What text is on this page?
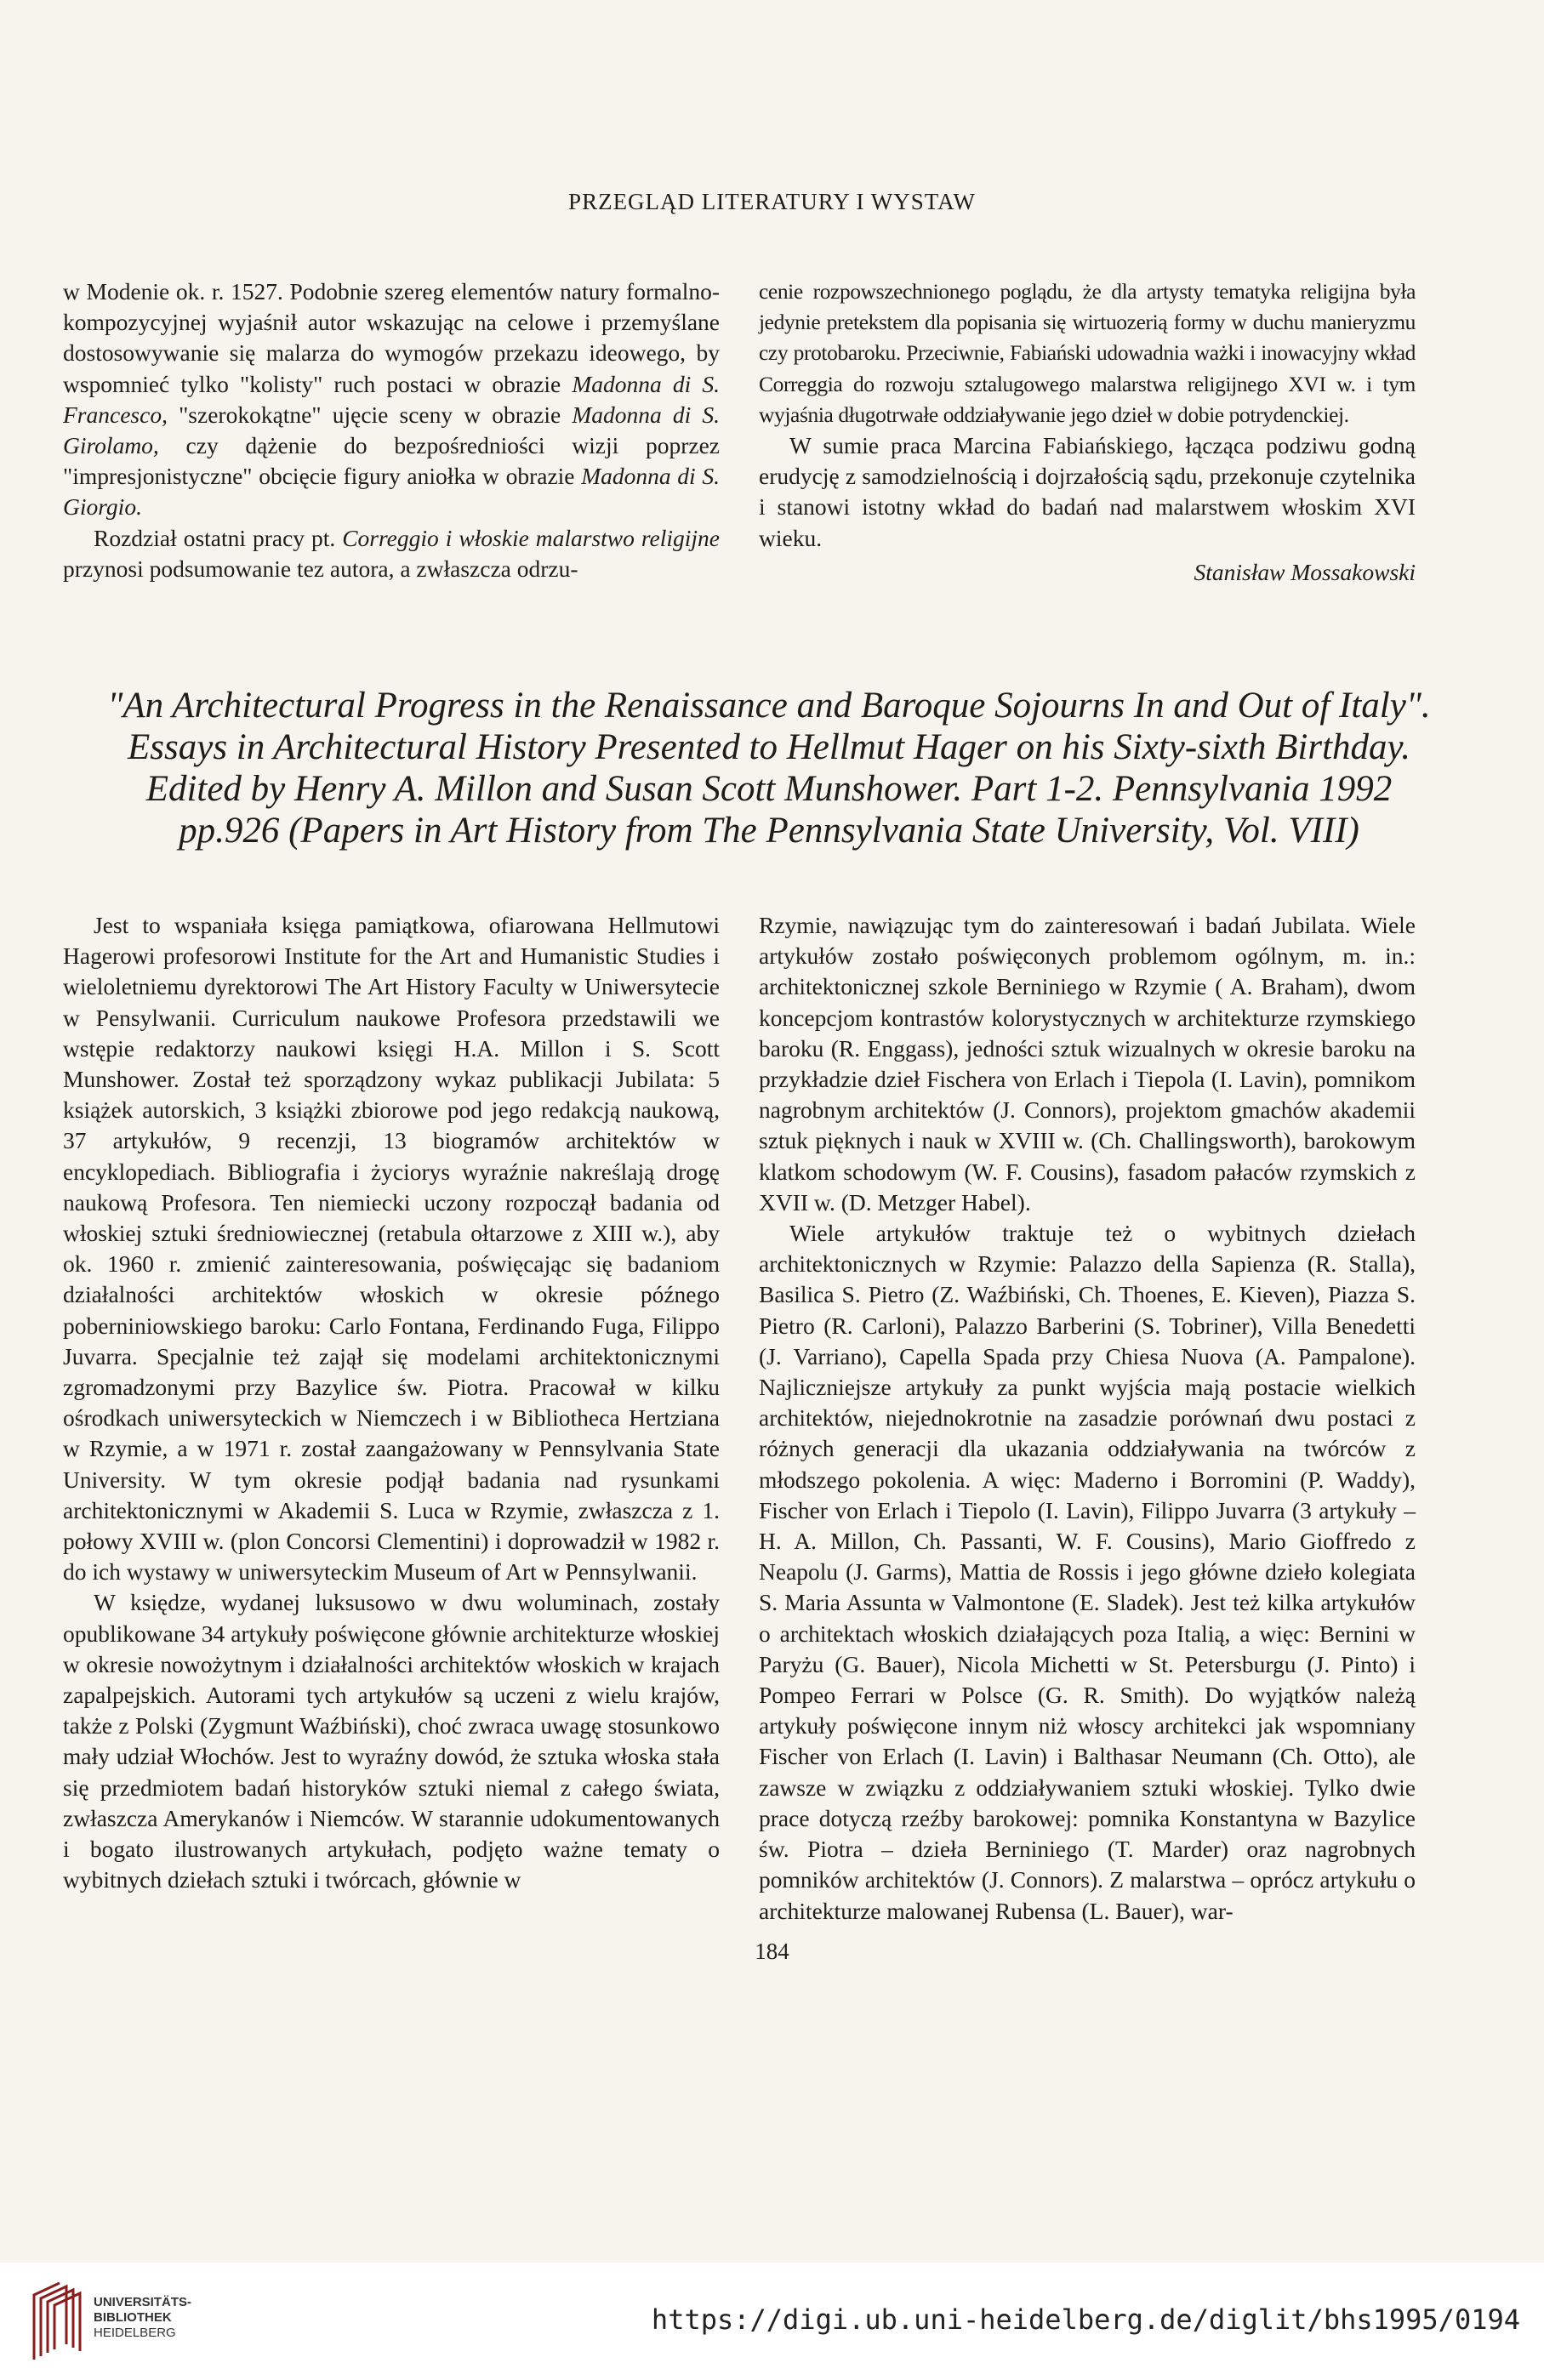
PRZEGLĄD LITERATURY I WYSTAW

w Modenie ok. r. 1527. Podobnie szereg elementów natury formalno-kompozycyjnej wyjaśnił autor wskazując na celowe i przemyślane dostosowywanie się malarza do wymogów przekazu ideowego, by wspomnieć tylko "kolisty" ruch postaci w obrazie Madonna di S. Francesco, "szerokokątne" ujęcie sceny w obrazie Madonna di S. Girolamo, czy dążenie do bezpośredniości wizji poprzez "impresjonistyczne" obcięcie figury aniołka w obrazie Madonna di S. Giorgio.

Rozdział ostatni pracy pt. Correggio i włoskie malarstwo religijne przynosi podsumowanie tez autora, a zwłaszcza odrzu-

cenie rozpowszechnionego poglądu, że dla artysty tematyka religijna była jedynie pretekstem dla popisania się wirtuozerią formy w duchu manieryzmu czy protobaroku. Przeciwnie, Fabiański udowadnia ważki i inowacyjny wkład Correggia do rozwoju sztalugowego malarstwa religijnego XVI w. i tym wyjaśnia długotrwałe oddziaływanie jego dzieł w dobie potrydenckiej.

W sumie praca Marcina Fabiańskiego, łącząca podziwu godną erudycję z samodzielnością i dojrzałością sądu, przekonuje czytelnika i stanowi istotny wkład do badań nad malarstwem włoskim XVI wieku.

Stanisław Mossakowski

"An Architectural Progress in the Renaissance and Baroque Sojourns In and Out of Italy".
Essays in Architectural History Presented to Hellmut Hager on his Sixty-sixth Birthday.
Edited by Henry A. Millon and Susan Scott Munshower. Part 1-2. Pennsylvania 1992
pp.926 (Papers in Art History from The Pennsylvania State University, Vol. VIII)

Jest to wspaniała księga pamiątkowa, ofiarowana Hellmutowi Hagerowi profesorowi Institute for the Art and Humanistic Studies i wieloletniemu dyrektorowi The Art History Faculty w Uniwersytecie w Pensylwanii. Curriculum naukowe Profesora przedstawili we wstępie redaktorzy naukowi księgi H.A. Millon i S. Scott Munshower. Został też sporządzony wykaz publikacji Jubilata: 5 książek autorskich, 3 książki zbiorowe pod jego redakcją naukową, 37 artykułów, 9 recenzji, 13 biogramów architektów w encyklopediach. Bibliografia i życiorys wyraźnie nakreślają drogę naukową Profesora. Ten niemiecki uczony rozpoczął badania od włoskiej sztuki średniowiecznej (retabula ołtarzowe z XIII w.), aby ok. 1960 r. zmienić zainteresowania, poświęcając się badaniom działalności architektów włoskich w okresie późnego poberniniowskiego baroku: Carlo Fontana, Ferdinando Fuga, Filippo Juvarra. Specjalnie też zajął się modelami architektonicznymi zgromadzonymi przy Bazylice św. Piotra. Pracował w kilku ośrodkach uniwersyteckich w Niemczech i w Bibliotheca Hertziana w Rzymie, a w 1971 r. został zaangażowany w Pennsylvania State University. W tym okresie podjął badania nad rysunkami architektonicznymi w Akademii S. Luca w Rzymie, zwłaszcza z 1. połowy XVIII w. (plon Concorsi Clementini) i doprowadził w 1982 r. do ich wystawy w uniwersyteckim Museum of Art w Pennsylwanii.

W księdze, wydanej luksusowo w dwu woluminach, zostały opublikowane 34 artykuły poświęcone głównie architekturze włoskiej w okresie nowożytnym i działalności architektów włoskich w krajach zapalpejskich. Autorami tych artykułów są uczeni z wielu krajów, także z Polski (Zygmunt Waźbiński), choć zwraca uwagę stosunkowo mały udział Włochów. Jest to wyraźny dowód, że sztuka włoska stała się przedmiotem badań historyków sztuki niemal z całego świata, zwłaszcza Amerykanów i Niemców. W starannie udokumentowanych i bogato ilustrowanych artykułach, podjęto ważne tematy o wybitnych dziełach sztuki i twórcach, głównie w

Rzymie, nawiązując tym do zainteresowań i badań Jubilata. Wiele artykułów zostało poświęconych problemom ogólnym, m. in.: architektonicznej szkole Berniniego w Rzymie ( A. Braham), dwom koncepcjom kontrastów kolorystycznych w architekturze rzymskiego baroku (R. Enggass), jedności sztuk wizualnych w okresie baroku na przykładzie dzieł Fischera von Erlach i Tiepola (I. Lavin), pomnikom nagrobnym architektów (J. Connors), projektom gmachów akademii sztuk pięknych i nauk w XVIII w. (Ch. Challingsworth), barokowym klatkom schodowym (W. F. Cousins), fasadom pałaców rzymskich z XVII w. (D. Metzger Habel).

Wiele artykułów traktuje też o wybitnych dziełach architektonicznych w Rzymie: Palazzo della Sapienza (R. Stalla), Basilica S. Pietro (Z. Waźbiński, Ch. Thoenes, E. Kieven), Piazza S. Pietro (R. Carloni), Palazzo Barberini (S. Tobriner), Villa Benedetti (J. Varriano), Capella Spada przy Chiesa Nuova (A. Pampalone). Najliczniejsze artykuły za punkt wyjścia mają postacie wielkich architektów, niejednokrotnie na zasadzie porównań dwu postaci z różnych generacji dla ukazania oddziaływania na twórców z młodszego pokolenia. A więc: Maderno i Borromini (P. Waddy), Fischer von Erlach i Tiepolo (I. Lavin), Filippo Juvarra (3 artykuły – H. A. Millon, Ch. Passanti, W. F. Cousins), Mario Gioffredo z Neapolu (J. Garms), Mattia de Rossis i jego główne dzieło kolegiata S. Maria Assunta w Valmontone (E. Sladek). Jest też kilka artykułów o architektach włoskich działających poza Italią, a więc: Bernini w Paryżu (G. Bauer), Nicola Michetti w St. Petersburgu (J. Pinto) i Pompeo Ferrari w Polsce (G. R. Smith). Do wyjątków należą artykuły poświęcone innym niż włoscy architekci jak wspomniany Fischer von Erlach (I. Lavin) i Balthasar Neumann (Ch. Otto), ale zawsze w związku z oddziaływaniem sztuki włoskiej. Tylko dwie prace dotyczą rzeźby barokowej: pomnika Konstantyna w Bazylice św. Piotra – dzieła Berniniego (T. Marder) oraz nagrobnych pomników architektów (J. Connors). Z malarstwa – oprócz artykułu o architekturze malowanej Rubensa (L. Bauer), war-

184
UNIVERSITÄTS-
BIBLIOTHEK
HEIDELBERG	https://digi.ub.uni-heidelberg.de/diglit/bhs1995/0194
